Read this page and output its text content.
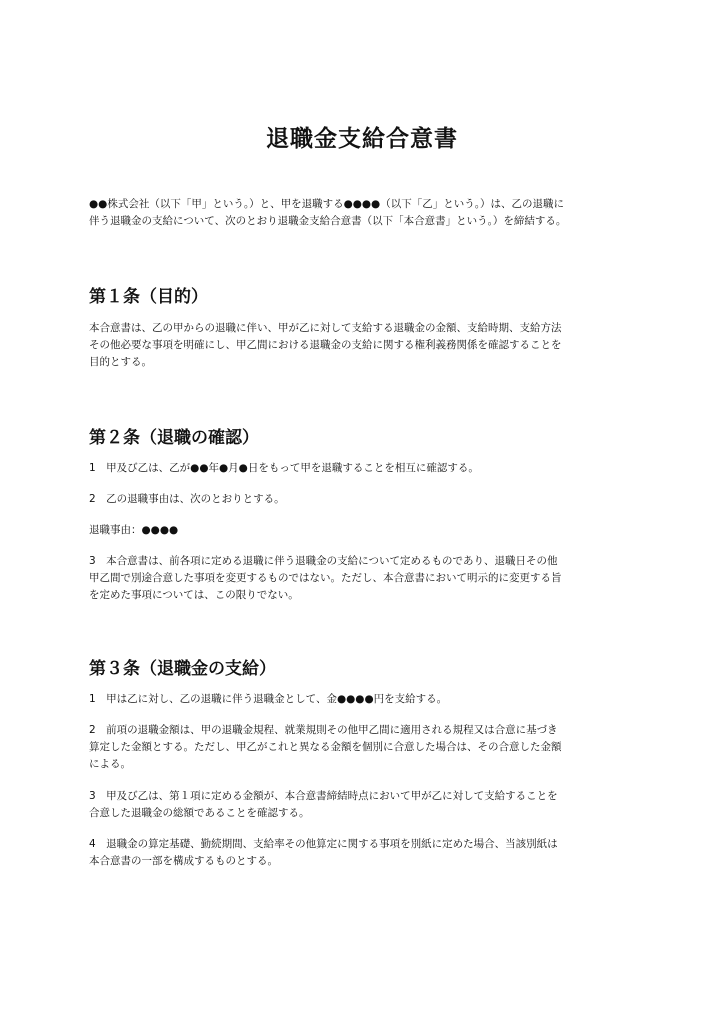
退職金支給合意書

●●株式会社（以下「甲」という。）と、甲を退職する●●●●（以下「乙」という。）は、乙の退職に
伴う退職金の支給について、次のとおり退職金支給合意書（以下「本合意書」という。）を締結する。

第１条（目的）

本合意書は、乙の甲からの退職に伴い、甲が乙に対して支給する退職金の金額、支給時期、支給方法
その他必要な事項を明確にし、甲乙間における退職金の支給に関する権利義務関係を確認することを
目的とする。

第２条（退職の確認）

1　甲及び乙は、乙が●●年●月●日をもって甲を退職することを相互に確認する。

2　乙の退職事由は、次のとおりとする。

退職事由：●●●●

3　本合意書は、前各項に定める退職に伴う退職金の支給について定めるものであり、退職日その他
甲乙間で別途合意した事項を変更するものではない。ただし、本合意書において明示的に変更する旨
を定めた事項については、この限りでない。

第３条（退職金の支給）

1　甲は乙に対し、乙の退職に伴う退職金として、金●●●●円を支給する。

2　前項の退職金額は、甲の退職金規程、就業規則その他甲乙間に適用される規程又は合意に基づき
算定した金額とする。ただし、甲乙がこれと異なる金額を個別に合意した場合は、その合意した金額
による。

3　甲及び乙は、第１項に定める金額が、本合意書締結時点において甲が乙に対して支給することを
合意した退職金の総額であることを確認する。

4　退職金の算定基礎、勤続期間、支給率その他算定に関する事項を別紙に定めた場合、当該別紙は
本合意書の一部を構成するものとする。
